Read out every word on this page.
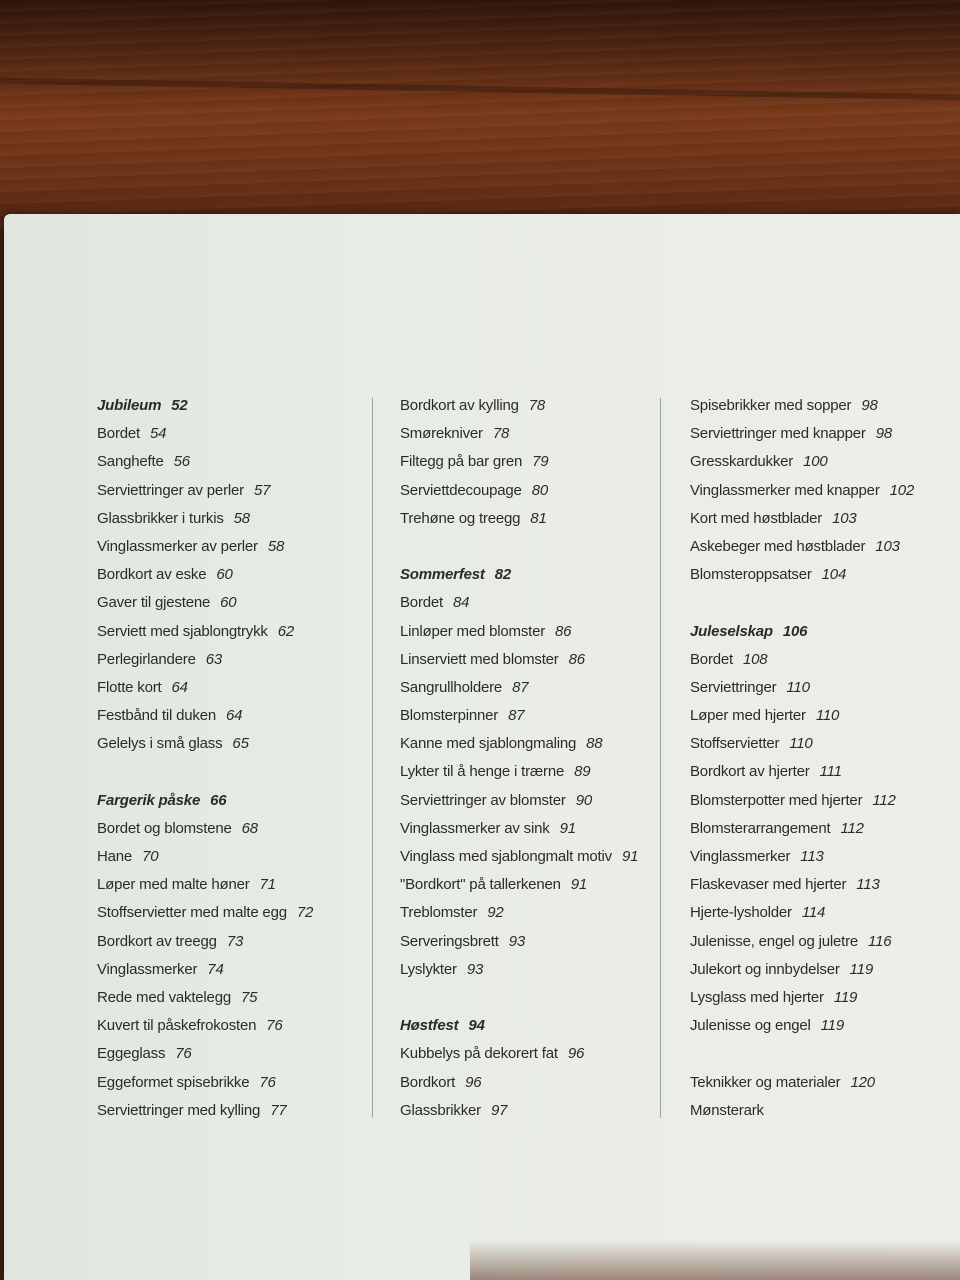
Jubileum 52
Bordet 54
Sanghefte 56
Serviettringer av perler 57
Glassbrikker i turkis 58
Vinglassmerker av perler 58
Bordkort av eske 60
Gaver til gjestene 60
Serviett med sjablongtrykk 62
Perlegirlandere 63
Flotte kort 64
Festbånd til duken 64
Gelelys i små glass 65
Fargerik påske 66
Bordet og blomstene 68
Hane 70
Løper med malte høner 71
Stoffservietter med malte egg 72
Bordkort av treegg 73
Vinglassmerker 74
Rede med vaktelegg 75
Kuvert til påskefrokosten 76
Eggeglass 76
Eggeformet spisebrikke 76
Serviettringer med kylling 77
Bordkort av kylling 78
Smørekniver 78
Filtegg på bar gren 79
Serviettdecoupage 80
Trehøne og treegg 81
Sommerfest 82
Bordet 84
Linløper med blomster 86
Linserviett med blomster 86
Sangrullholdere 87
Blomsterpinner 87
Kanne med sjablongmaling 88
Lykter til å henge i trærne 89
Serviettringer av blomster 90
Vinglassmerker av sink 91
Vinglass med sjablongmalt motiv 91
"Bordkort" på tallerkenen 91
Treblomster 92
Serveringsbrett 93
Lyslykter 93
Høstfest 94
Kubbelys på dekorert fat 96
Bordkort 96
Glassbrikker 97
Spisebrikker med sopper 98
Serviettringer med knapper 98
Gresskardukker 100
Vinglassmerker med knapper 102
Kort med høstblader 103
Askebeger med høstblader 103
Blomsteroppsatser 104
Juleselskap 106
Bordet 108
Serviettringer 110
Løper med hjerter 110
Stoffservietter 110
Bordkort av hjerter 111
Blomsterpotter med hjerter 112
Blomsterarrangement 112
Vinglassmerker 113
Flaskevaser med hjerter 113
Hjerte-lysholder 114
Julenisse, engel og juletre 116
Julekort og innbydelser 119
Lysglass med hjerter 119
Julenisse og engel 119
Teknikker og materialer 120
Mønsterark
